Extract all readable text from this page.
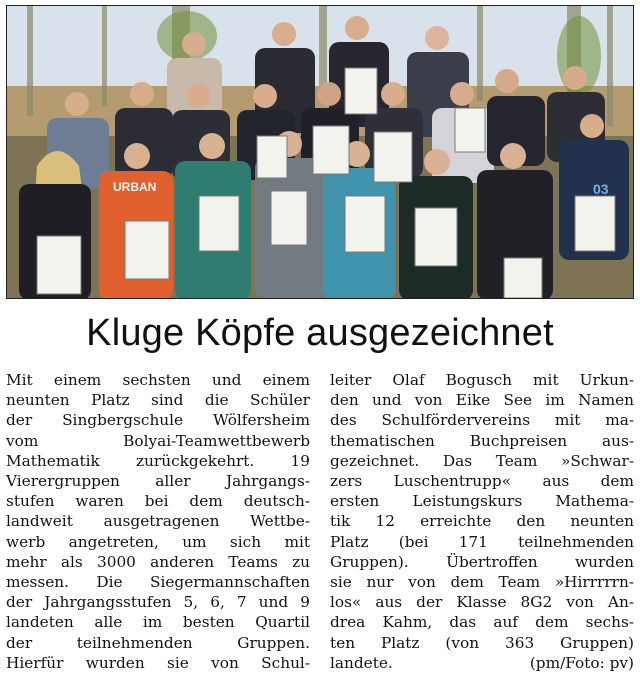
URBAN	03
Kluge Köpfe ausgezeichnet
Mit einem sechsten und einem
neunten Platz sind die Schüler
der Singbergschule Wölfersheim
vom Bolyai-Teamwettbewerb
Mathematik zurückgekehrt. 19
Vierergruppen aller Jahrgangs-
stufen waren bei dem deutsch-
landweit ausgetragenen Wettbe-
werb angetreten, um sich mit
mehr als 3000 anderen Teams zu
messen. Die Siegermannschaften
der Jahrgangsstufen 5, 6, 7 und 9
landeten alle im besten Quartil
der teilnehmenden Gruppen.
Hierfür wurden sie von Schul-
leiter Olaf Bogusch mit Urkun-
den und von Eike See im Namen
des Schulfördervereins mit ma-
thematischen Buchpreisen aus-
gezeichnet. Das Team »Schwar-
zers Luschentrupp« aus dem
ersten Leistungskurs Mathema-
tik 12 erreichte den neunten
Platz (bei 171 teilnehmenden
Gruppen). Übertroffen wurden
sie nur von dem Team »Hirrrrrn-
los« aus der Klasse 8G2 von An-
drea Kahm, das auf dem sechs-
ten Platz (von 363 Gruppen)
landete.	(pm/Foto: pv)
